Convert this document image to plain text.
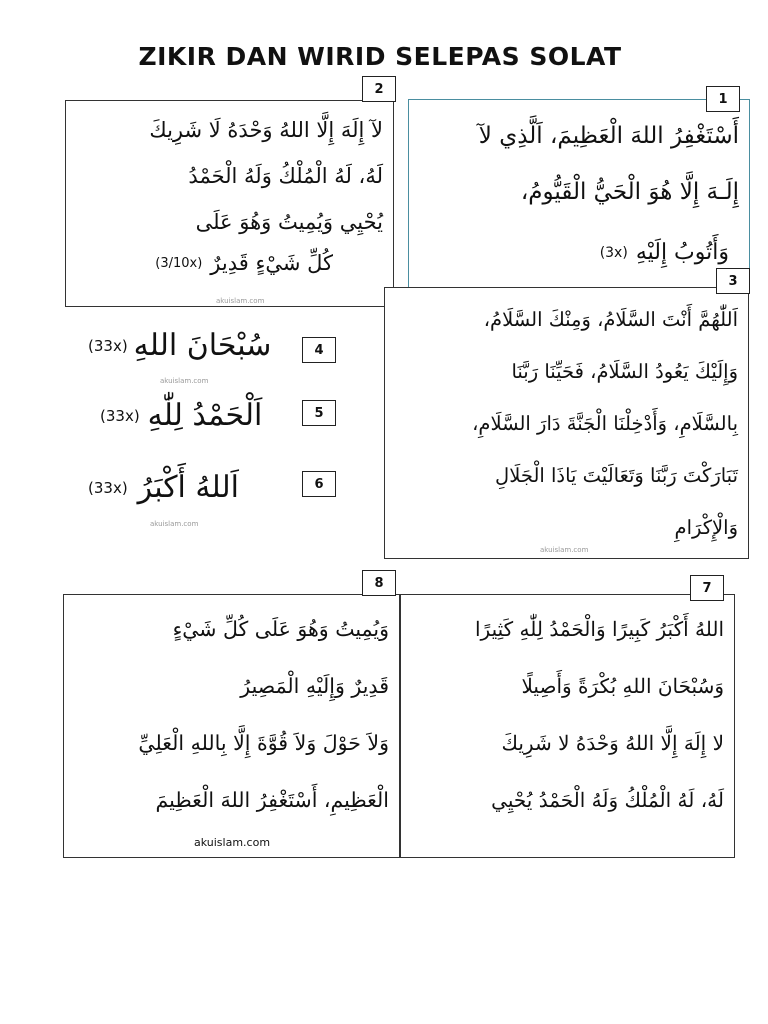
ZIKIR DAN WIRID SELEPAS SOLAT
لآ إِلَهَ إِلَّا اللهُ وَحْدَهُ لَا شَرِيكَ
لَهُ، لَهُ الْمُلْكُ وَلَهُ الْحَمْدُ
يُحْيِي وَيُمِيتُ وَهُوَ عَلَى
كُلِّ شَيْءٍ قَدِيرٌ
(3/10x)
akuislam.com
2
أَسْتَغْفِرُ اللهَ الْعَظِيمَ، اَلَّذِي لآ
إِلَـهَ إِلَّا هُوَ الْحَيُّ الْقَيُّومُ،
وَأَتُوبُ إِلَيْهِ
(3x)
1
اَللّٰهُمَّ أَنْتَ السَّلَامُ، وَمِنْكَ السَّلَامُ،
وَإِلَيْكَ يَعُودُ السَّلَامُ، فَحَيِّنَا رَبَّنَا
بِالسَّلَامِ، وَأَدْخِلْنَا الْجَنَّةَ دَارَ السَّلَامِ،
تَبَارَكْتَ رَبَّنَا وَتَعَالَيْتَ يَاذَا الْجَلَالِ
وَالْإِكْرَامِ
akuislam.com
3
(33x) سُبْحَانَ اللهِ
akuislam.com
4
(33x) اَلْحَمْدُ لِلّٰهِ	5
(33x) اَللهُ أَكْبَرُ
akuislam.com
6
وَيُمِيتُ وَهُوَ عَلَى كُلِّ شَيْءٍ
قَدِيرٌ وَإِلَيْهِ الْمَصِيرُ
وَلاَ حَوْلَ وَلاَ قُوَّةَ إِلَّا بِاللهِ الْعَلِيِّ
الْعَظِيمِ، أَسْتَغْفِرُ اللهَ الْعَظِيمَ
akuislam.com
8
اللهُ أَكْبَرُ كَبِيرًا وَالْحَمْدُ لِلّٰهِ كَثِيرًا
وَسُبْحَانَ اللهِ بُكْرَةً وَأَصِيلًا
لا إِلَهَ إِلَّا اللهُ وَحْدَهُ لا شَرِيكَ
لَهُ، لَهُ الْمُلْكُ وَلَهُ الْحَمْدُ يُحْيِي
7
